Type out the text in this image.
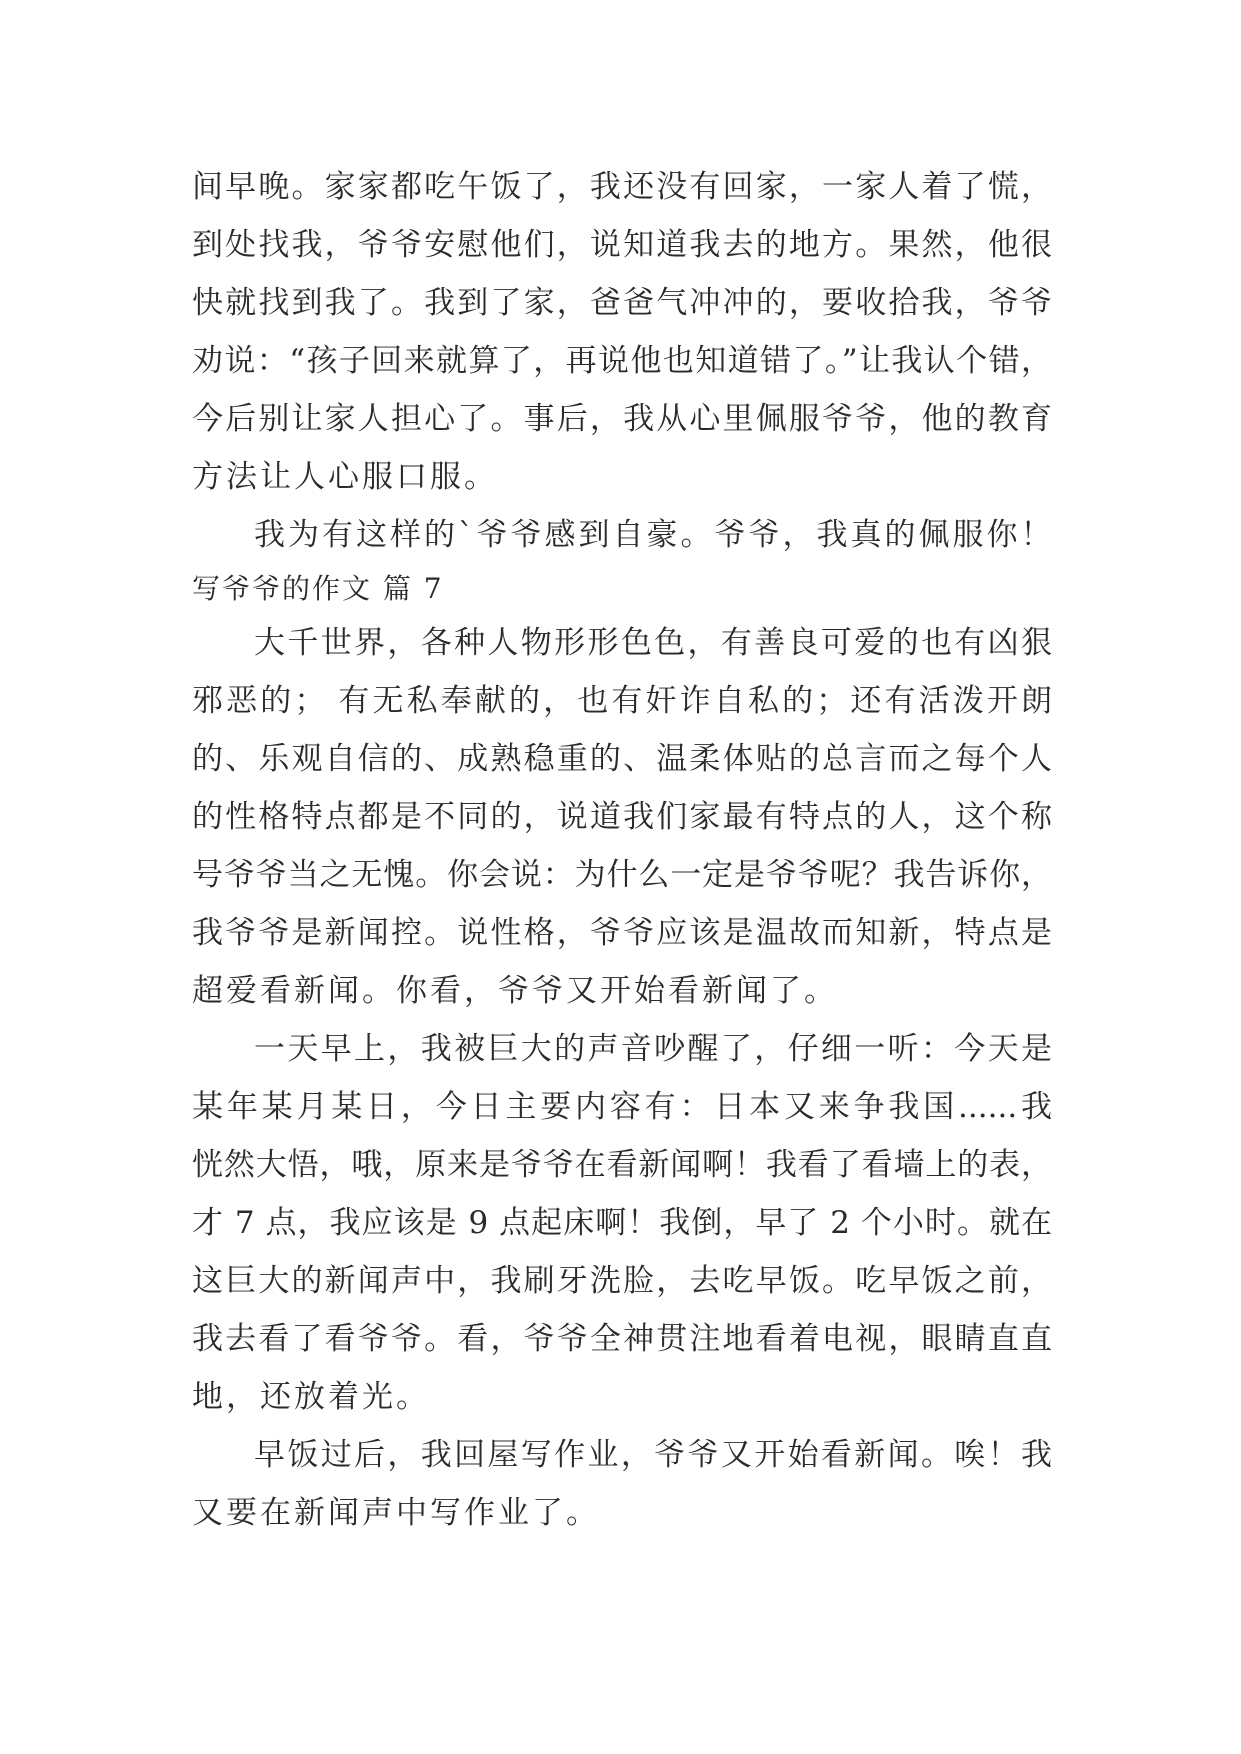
间早晚。家家都吃午饭了，我还没有回家，一家人着了慌，
到处找我，爷爷安慰他们，说知道我去的地方。果然，他很
快就找到我了。我到了家，爸爸气冲冲的，要收拾我，爷爷
劝说：“孩子回来就算了，再说他也知道错了。”让我认个错，
今后别让家人担心了。事后，我从心里佩服爷爷，他的教育
方法让人心服口服。
我为有这样的`爷爷感到自豪。爷爷，我真的佩服你！
写爷爷的作文 篇 7
大千世界，各种人物形形色色，有善良可爱的也有凶狠
邪恶的； 有无私奉献的，也有奸诈自私的；还有活泼开朗
的、乐观自信的、成熟稳重的、温柔体贴的总言而之每个人
的性格特点都是不同的，说道我们家最有特点的人，这个称
号爷爷当之无愧。你会说：为什么一定是爷爷呢？我告诉你，
我爷爷是新闻控。说性格，爷爷应该是温故而知新，特点是
超爱看新闻。你看，爷爷又开始看新闻了。
一天早上，我被巨大的声音吵醒了，仔细一听：今天是
某年某月某日，今日主要内容有：日本又来争我国......我
恍然大悟，哦，原来是爷爷在看新闻啊！我看了看墙上的表，
才 7 点，我应该是 9 点起床啊！我倒，早了 2 个小时。就在
这巨大的新闻声中，我刷牙洗脸，去吃早饭。吃早饭之前，
我去看了看爷爷。看，爷爷全神贯注地看着电视，眼睛直直
地，还放着光。
早饭过后，我回屋写作业，爷爷又开始看新闻。唉！我
又要在新闻声中写作业了。
